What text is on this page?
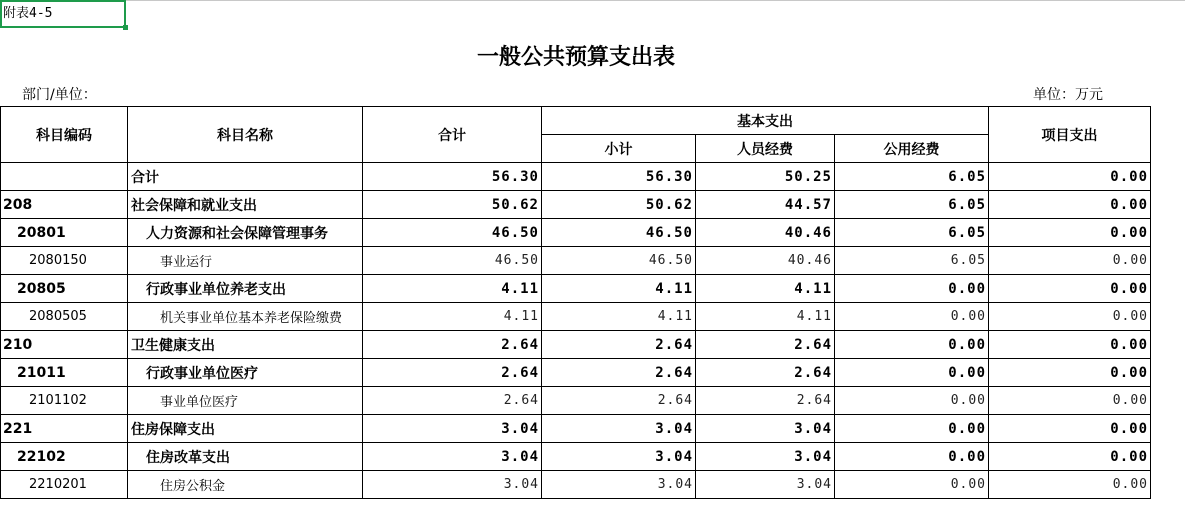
附表4-5
一般公共预算支出表
部门/单位：	单位：万元
科目编码	科目名称	合计	基本支出			项目支出
			小计	人员经费	公用经费	
	合计	56.30	56.30	50.25	6.05	0.00
208	社会保障和就业支出	50.62	50.62	44.57	6.05	0.00
20801	人力资源和社会保障管理事务	46.50	46.50	40.46	6.05	0.00
2080150	事业运行	46.50	46.50	40.46	6.05	0.00
20805	行政事业单位养老支出	4.11	4.11	4.11	0.00	0.00
2080505	机关事业单位基本养老保险缴费	4.11	4.11	4.11	0.00	0.00
210	卫生健康支出	2.64	2.64	2.64	0.00	0.00
21011	行政事业单位医疗	2.64	2.64	2.64	0.00	0.00
2101102	事业单位医疗	2.64	2.64	2.64	0.00	0.00
221	住房保障支出	3.04	3.04	3.04	0.00	0.00
22102	住房改革支出	3.04	3.04	3.04	0.00	0.00
2210201	住房公积金	3.04	3.04	3.04	0.00	0.00
